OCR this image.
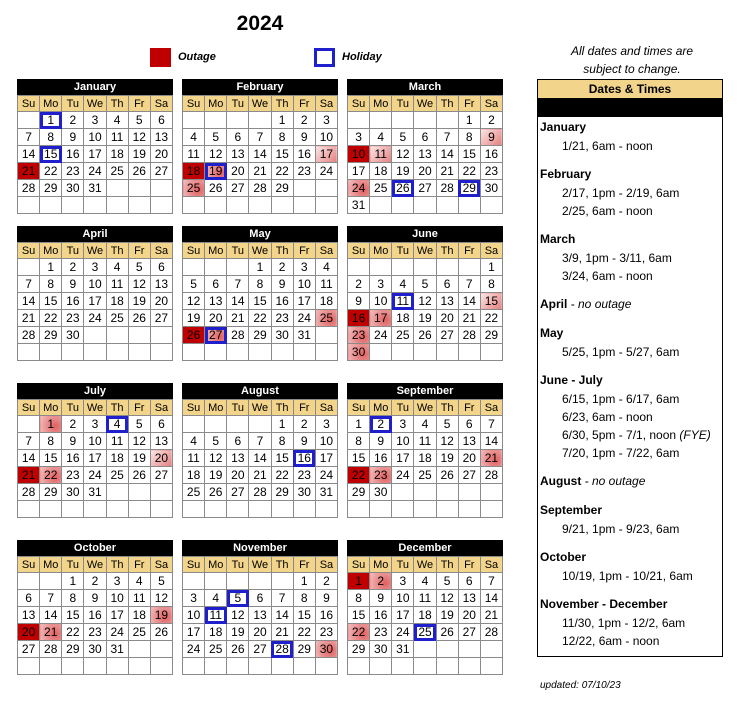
2024
Outage	Holiday
January
Su	Mo	Tu	We	Th	Fr	Sa
	1	2	3	4	5	6
7	8	9	10	11	12	13
14	15	16	17	18	19	20
21	22	23	24	25	26	27
28	29	30	31			

February
Su	Mo	Tu	We	Th	Fr	Sa
				1	2	3
4	5	6	7	8	9	10
11	12	13	14	15	16	17
18	19	20	21	22	23	24
25	26	27	28	29		

March
Su	Mo	Tu	We	Th	Fr	Sa
					1	2
3	4	5	6	7	8	9
10	11	12	13	14	15	16
17	18	19	20	21	22	23
24	25	26	27	28	29	30
31						
April
Su	Mo	Tu	We	Th	Fr	Sa
	1	2	3	4	5	6
7	8	9	10	11	12	13
14	15	16	17	18	19	20
21	22	23	24	25	26	27
28	29	30				

May
Su	Mo	Tu	We	Th	Fr	Sa
			1	2	3	4
5	6	7	8	9	10	11
12	13	14	15	16	17	18
19	20	21	22	23	24	25
26	27	28	29	30	31	

June
Su	Mo	Tu	We	Th	Fr	Sa
						1
2	3	4	5	6	7	8
9	10	11	12	13	14	15
16	17	18	19	20	21	22
23	24	25	26	27	28	29
30						
July
Su	Mo	Tu	We	Th	Fr	Sa
	1	2	3	4	5	6
7	8	9	10	11	12	13
14	15	16	17	18	19	20
21	22	23	24	25	26	27
28	29	30	31			

August
Su	Mo	Tu	We	Th	Fr	Sa
				1	2	3
4	5	6	7	8	9	10
11	12	13	14	15	16	17
18	19	20	21	22	23	24
25	26	27	28	29	30	31

September
Su	Mo	Tu	We	Th	Fr	Sa
1	2	3	4	5	6	7
8	9	10	11	12	13	14
15	16	17	18	19	20	21
22	23	24	25	26	27	28
29	30					

October
Su	Mo	Tu	We	Th	Fr	Sa
		1	2	3	4	5
6	7	8	9	10	11	12
13	14	15	16	17	18	19
20	21	22	23	24	25	26
27	28	29	30	31		

November
Su	Mo	Tu	We	Th	Fr	Sa
					1	2
3	4	5	6	7	8	9
10	11	12	13	14	15	16
17	18	19	20	21	22	23
24	25	26	27	28	29	30

December
Su	Mo	Tu	We	Th	Fr	Sa
1	2	3	4	5	6	7
8	9	10	11	12	13	14
15	16	17	18	19	20	21
22	23	24	25	26	27	28
29	30	31				

All dates and times are
subject to change.
Dates & Times
January
1/21, 6am - noon
February
2/17, 1pm - 2/19, 6am
2/25, 6am - noon
March
3/9, 1pm - 3/11, 6am
3/24, 6am - noon
April - no outage
May
5/25, 1pm - 5/27, 6am
June - July
6/15, 1pm - 6/17, 6am
6/23, 6am - noon
6/30, 5pm - 7/1, noon (FYE)
7/20, 1pm - 7/22, 6am
August - no outage
September
9/21, 1pm - 9/23, 6am
October
10/19, 1pm - 10/21, 6am
November - December
11/30, 1pm - 12/2, 6am
12/22, 6am - noon
updated: 07/10/23
